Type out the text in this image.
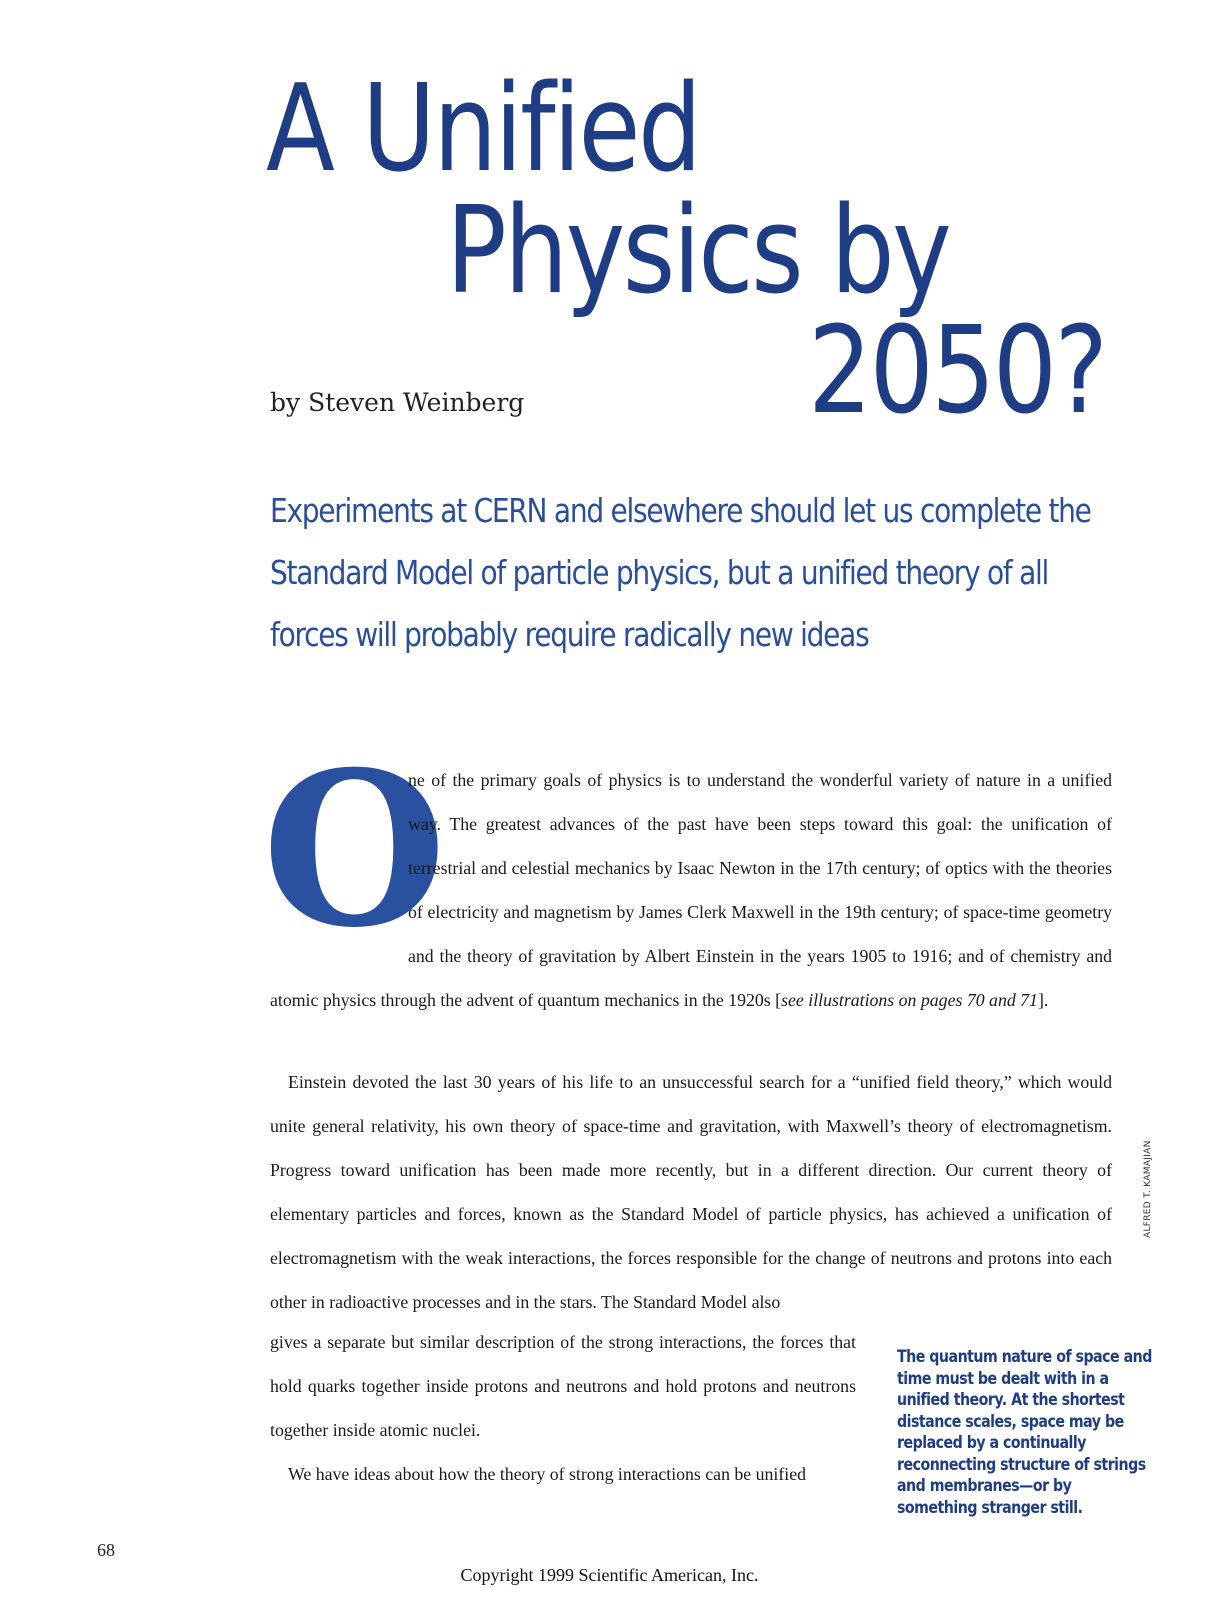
A Unified
Physics by
2050?
by Steven Weinberg
Experiments at CERN and elsewhere should let us complete the Standard Model of particle physics, but a unified theory of all forces will probably require radically new ideas

O
ne of the primary goals of physics is to understand the wonderful variety of nature in a unified way. The greatest advances of the past have been steps toward this goal: the unification of terrestrial and celestial mechanics by Isaac Newton in the 17th century; of optics with the theories of electricity and magnetism by James Clerk Maxwell in the 19th century; of space-time geometry and the theory of gravitation by Albert Einstein in the years 1905 to 1916; and of chemistry and atomic physics through the advent of quantum mechanics in the 1920s [see illustrations on pages 70 and 71].

Einstein devoted the last 30 years of his life to an unsuccessful search for a “unified field theory,” which would unite general relativity, his own theory of space-time and gravitation, with Maxwell’s theory of electromagnetism. Progress toward unification has been made more recently, but in a different direction. Our current theory of elementary particles and forces, known as the Standard Model of particle physics, has achieved a unification of electromagnetism with the weak interactions, the forces responsible for the change of neutrons and protons into each other in radioactive processes and in the stars. The Standard Model also
gives a separate but similar description of the strong interactions, the forces that hold quarks together inside protons and neutrons and hold protons and neutrons together inside atomic nuclei.
We have ideas about how the theory of strong interactions can be unified
The quantum nature of space and time must be dealt with in a unified theory. At the shortest distance scales, space may be replaced by a continually reconnecting structure of strings and membranes—or by something stranger still.
ALFRED T. KAMAJIAN
68
Copyright 1999 Scientific American, Inc.
